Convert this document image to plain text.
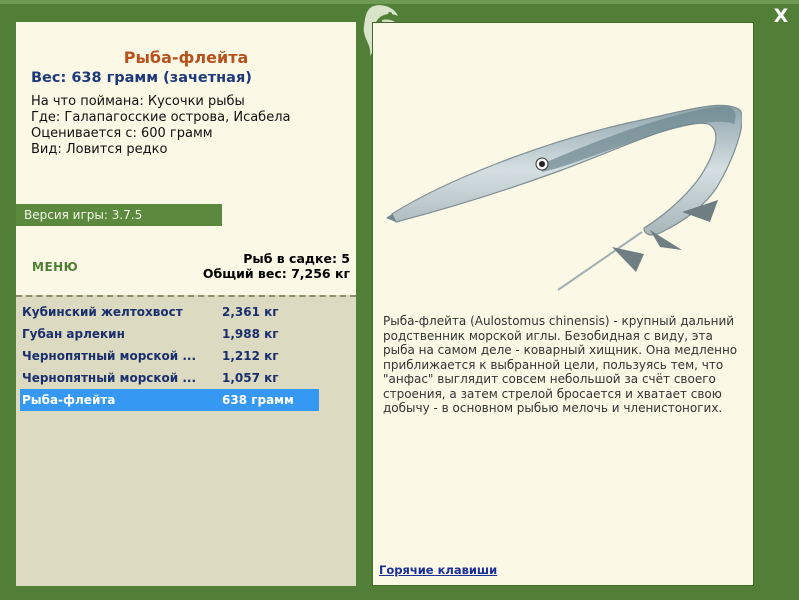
X
Рыба-флейта
Вес: 638 грамм (зачетная)
На что поймана: Кусочки рыбы
Где: Галапагосские острова, Исабела
Оценивается с: 600 грамм
Вид: Ловится редко
Версия игры: 3.7.5
МЕНЮ
Рыб в садке: 5
Общий вес: 7,256 кг
Кубинский желтохвост	2,361 кг
Губан арлекин	1,988 кг
Чернопятный морской ...	1,212 кг
Чернопятный морской ...	1,057 кг
Рыба-флейта	638 грамм
Рыба-флейта (Aulostomus chinensis) - крупный дальний родственник морской иглы. Безобидная с виду, эта рыба на самом деле - коварный хищник. Она медленно приближается к выбранной цели, пользуясь тем, что "анфас" выглядит совсем небольшой за счёт своего строения, а затем стрелой бросается и хватает свою добычу - в основном рыбью мелочь и членистоногих.
Горячие клавиши
